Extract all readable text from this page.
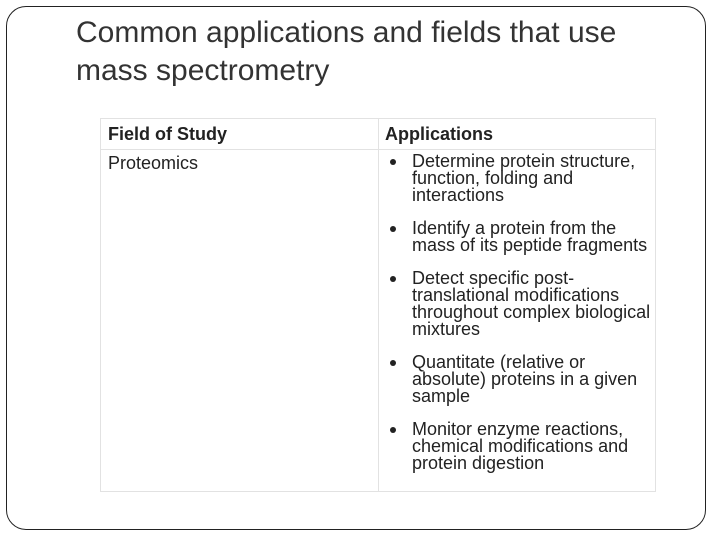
Common applications and fields that use mass spectrometry
Field of Study	Applications
Proteomics	Determine protein structure, function, folding and interactions
Identify a protein from the mass of its peptide fragments
Detect specific post-translational modifications throughout complex biological mixtures
Quantitate (relative or absolute) proteins in a given sample
Monitor enzyme reactions, chemical modifications and protein digestion
